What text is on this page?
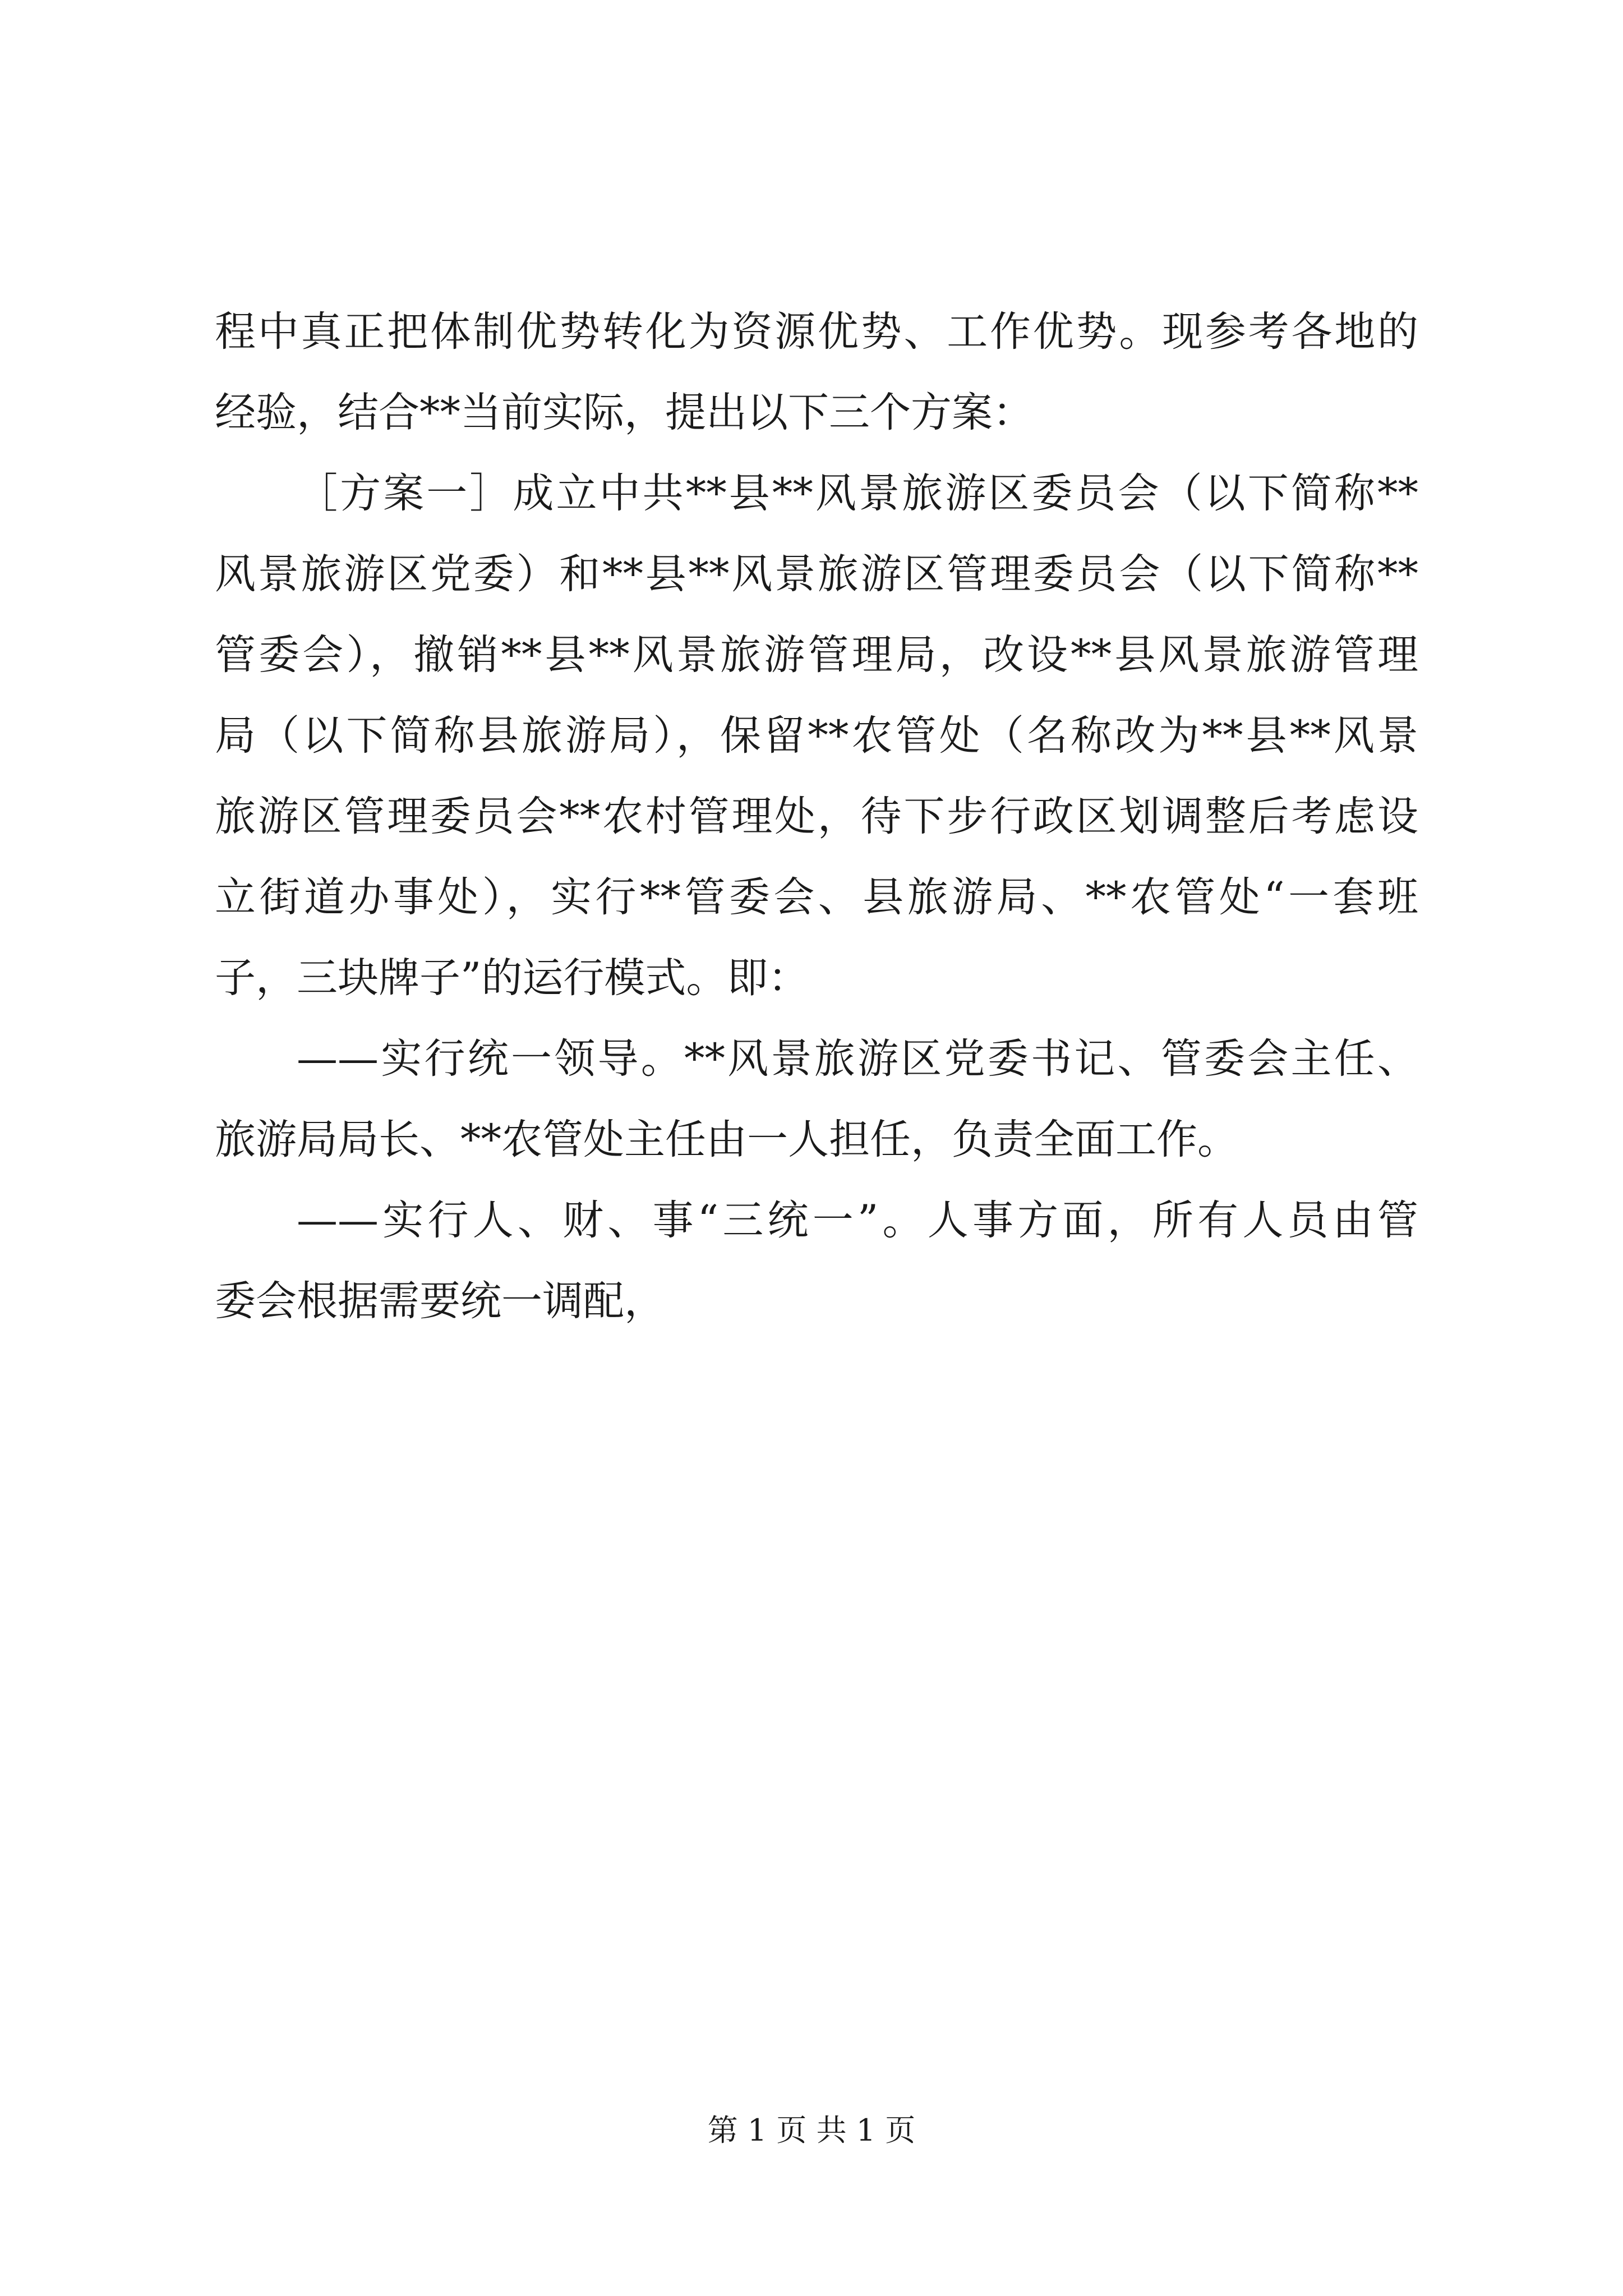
程中真正把体制优势转化为资源优势、工作优势。现参考各地的
经验，结合**当前实际，提出以下三个方案：
［方案一］成立中共**县**风景旅游区委员会（以下简称**
风景旅游区党委）和**县**风景旅游区管理委员会（以下简称**
管委会），撤销**县**风景旅游管理局，改设**县风景旅游管理
局（以下简称县旅游局），保留**农管处（名称改为**县**风景
旅游区管理委员会**农村管理处，待下步行政区划调整后考虑设
立街道办事处），实行**管委会、县旅游局、**农管处“一套班
子，三块牌子”的运行模式。即：
——实行统一领导。**风景旅游区党委书记、管委会主任、
旅游局局长、**农管处主任由一人担任，负责全面工作。
——实行人、财、事“三统一”。人事方面，所有人员由管
委会根据需要统一调配，
第 1 页 共 1 页
